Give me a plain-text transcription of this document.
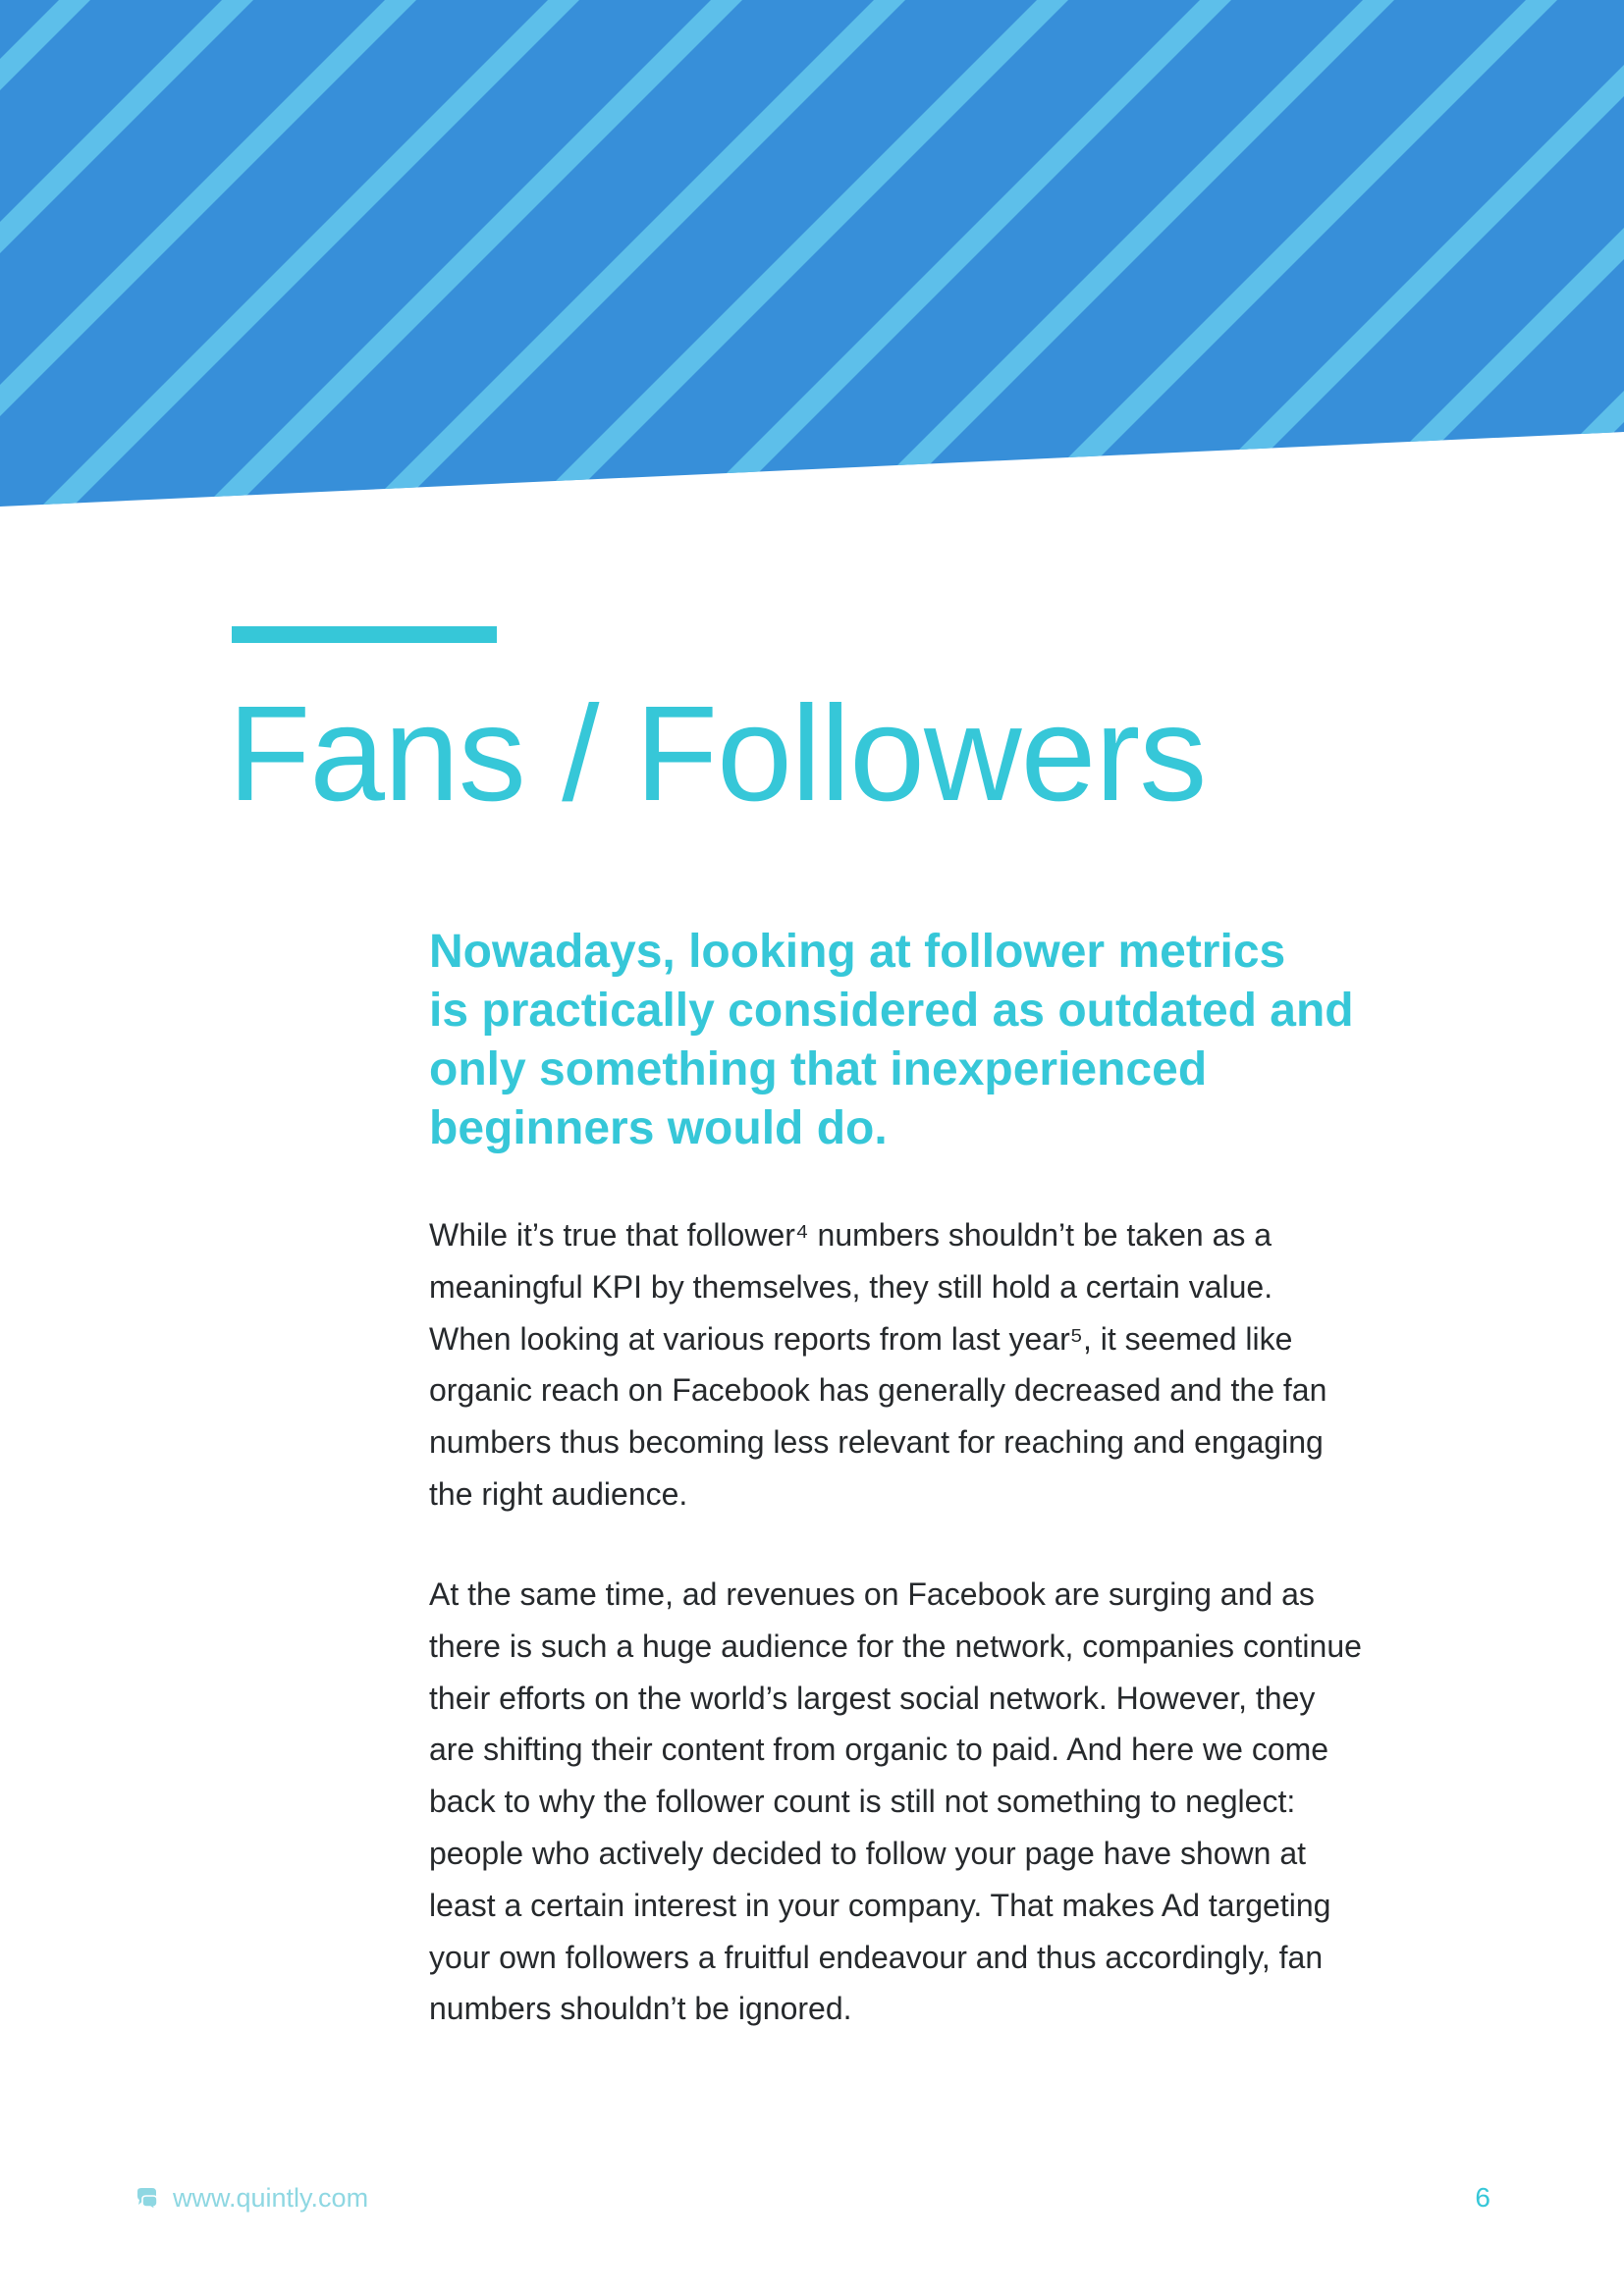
Fans / Followers
Nowadays, looking at follower metrics
is practically considered as outdated and
only something that inexperienced
beginners would do.
While it’s true that follower⁴ numbers shouldn’t be taken as a
meaningful KPI by themselves, they still hold a certain value.
When looking at various reports from last year⁵, it seemed like
organic reach on Facebook has generally decreased and the fan
numbers thus becoming less relevant for reaching and engaging
the right audience.
At the same time, ad revenues on Facebook are surging and as
there is such a huge audience for the network, companies continue
their efforts on the world’s largest social network. However, they
are shifting their content from organic to paid. And here we come
back to why the follower count is still not something to neglect:
people who actively decided to follow your page have shown at
least a certain interest in your company. That makes Ad targeting
your own followers a fruitful endeavour and thus accordingly, fan
numbers shouldn’t be ignored.
www.quintly.com	6
